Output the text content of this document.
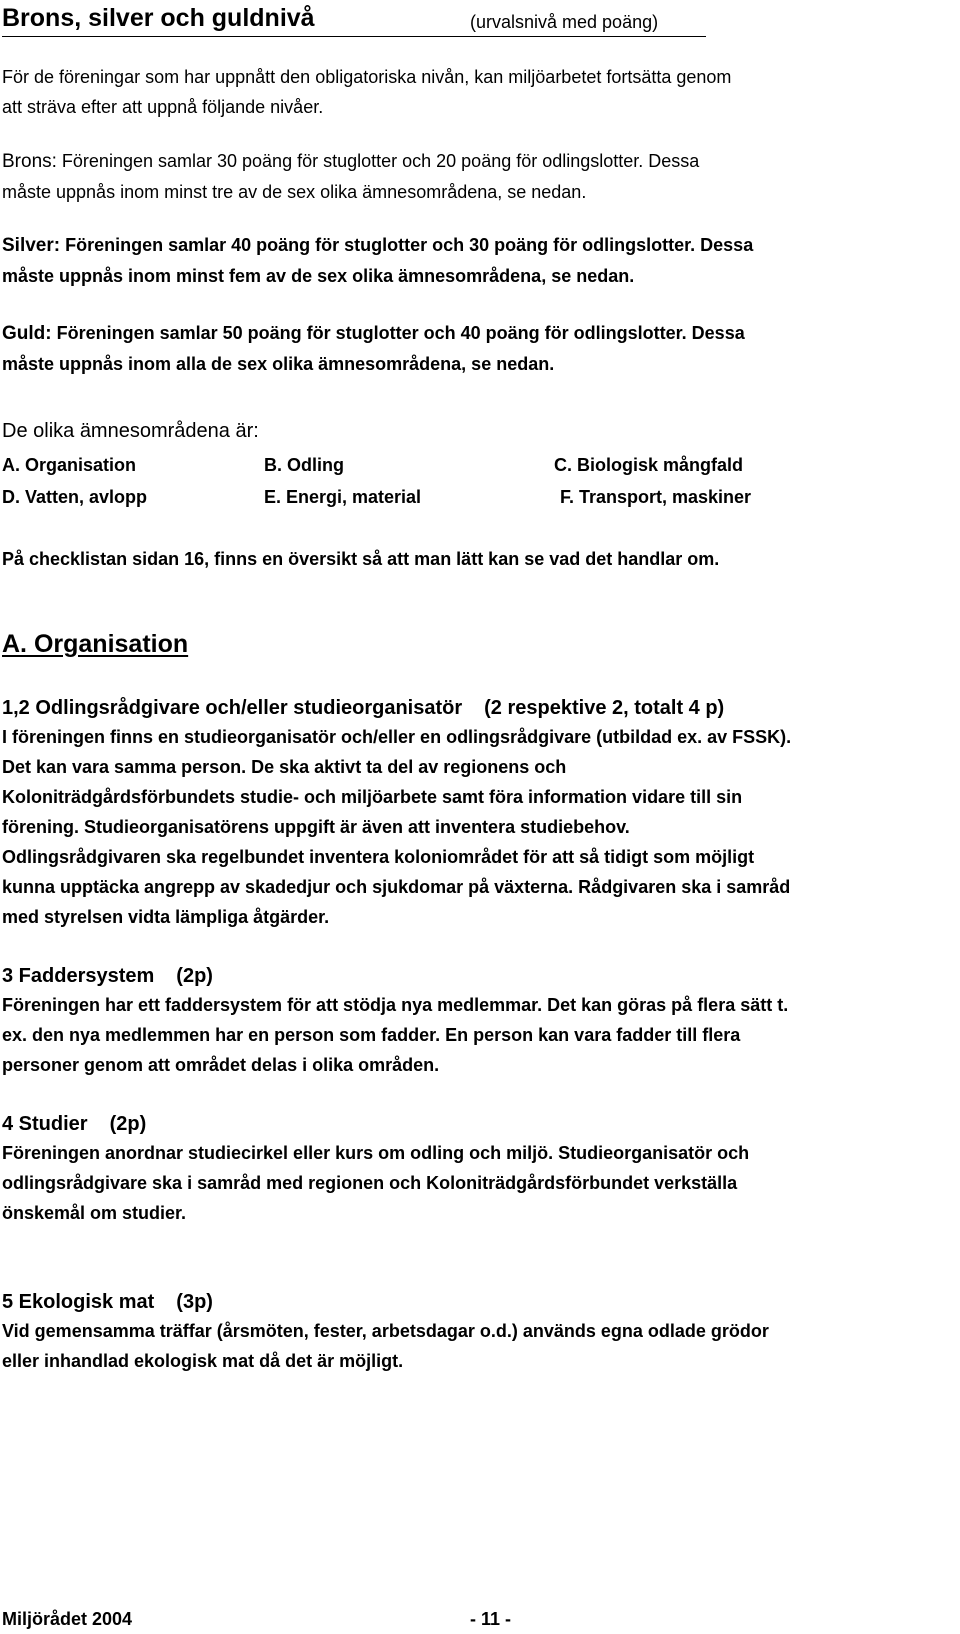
Brons, silver och guldnivå	(urvalsnivå med poäng)

För de föreningar som har uppnått den obligatoriska nivån, kan miljöarbetet fortsätta genom
att sträva efter att uppnå följande nivåer.

Brons: Föreningen samlar 30 poäng för stuglotter och 20 poäng för odlingslotter. Dessa
måste uppnås inom minst tre av de sex olika ämnesområdena, se nedan.

Silver: Föreningen samlar 40 poäng för stuglotter och 30 poäng för odlingslotter. Dessa
måste uppnås inom minst fem av de sex olika ämnesområdena, se nedan.

Guld: Föreningen samlar 50 poäng för stuglotter och 40 poäng för odlingslotter. Dessa
måste uppnås inom alla de sex olika ämnesområdena, se nedan.

De olika ämnesområdena är:
A. Organisation	B. Odling	C. Biologisk mångfald
D. Vatten, avlopp	E. Energi, material	F. Transport, maskiner

På checklistan sidan 16, finns en översikt så att man lätt kan se vad det handlar om.

A. Organisation
1,2 Odlingsrådgivare och/eller studieorganisatör (2 respektive 2, totalt 4 p)

I föreningen finns en studieorganisatör och/eller en odlingsrådgivare (utbildad ex. av FSSK).
Det kan vara samma person. De ska aktivt ta del av regionens och
Koloniträdgårdsförbundets studie- och miljöarbete samt föra information vidare till sin
förening. Studieorganisatörens uppgift är även att inventera studiebehov.
Odlingsrådgivaren ska regelbundet inventera koloniområdet för att så tidigt som möjligt
kunna upptäcka angrepp av skadedjur och sjukdomar på växterna. Rådgivaren ska i samråd
med styrelsen vidta lämpliga åtgärder.

3 Faddersystem (2p)

Föreningen har ett faddersystem för att stödja nya medlemmar. Det kan göras på flera sätt t.
ex. den nya medlemmen har en person som fadder. En person kan vara fadder till flera
personer genom att området delas i olika områden.

4 Studier (2p)

Föreningen anordnar studiecirkel eller kurs om odling och miljö. Studieorganisatör och
odlingsrådgivare ska i samråd med regionen och Koloniträdgårdsförbundet verkställa
önskemål om studier.

5 Ekologisk mat (3p)

Vid gemensamma träffar (årsmöten, fester, arbetsdagar o.d.) används egna odlade grödor
eller inhandlad ekologisk mat då det är möjligt.

Miljörådet 2004	- 11 -
